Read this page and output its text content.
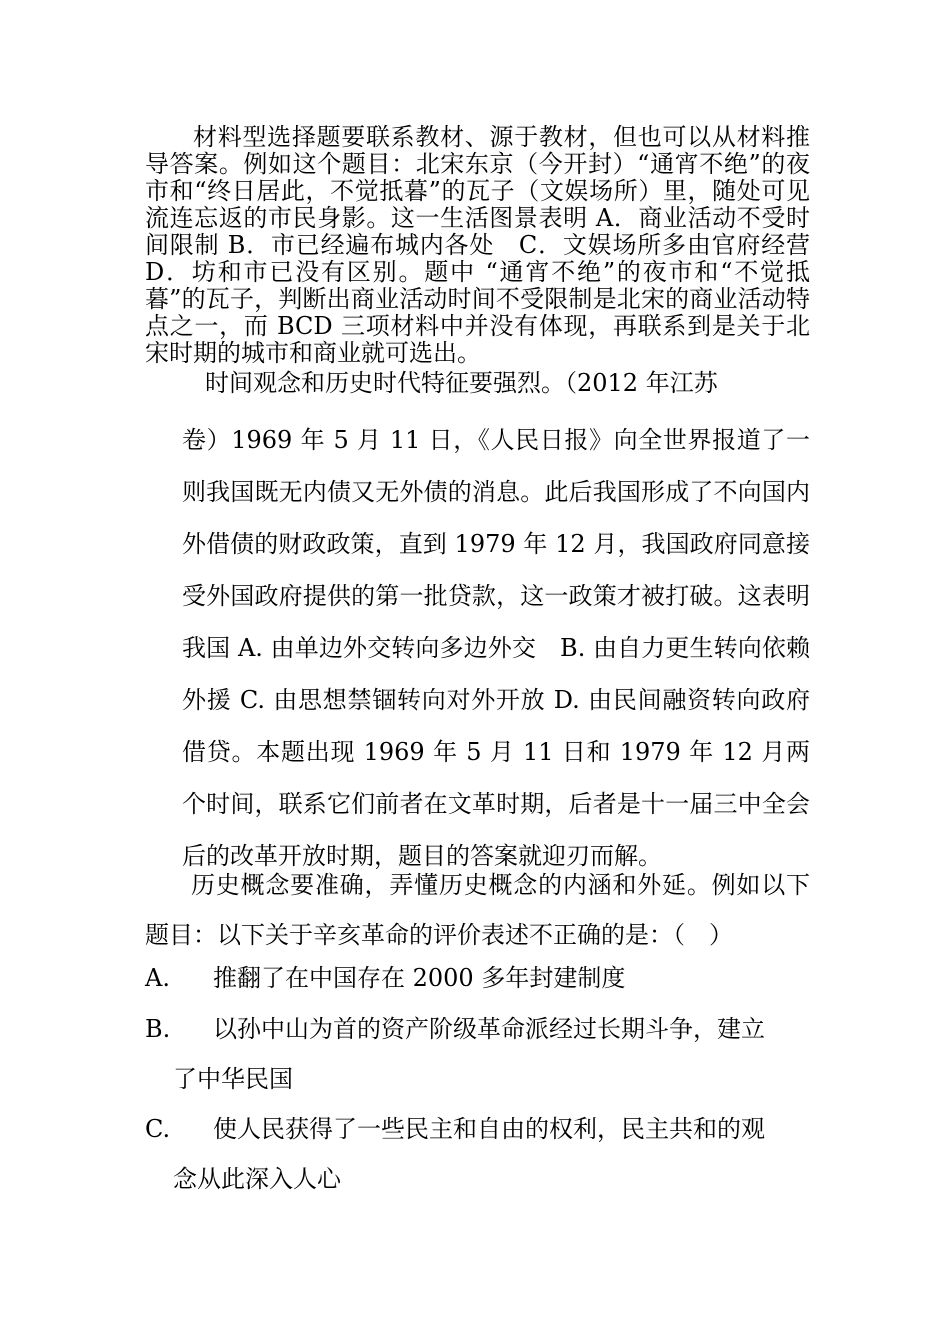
材料型选择题要联系教材、源于教材，但也可以从材料推导答案。例如这个题目：北宋东京（今开封）“通宵不绝”的夜市和“终日居此，不觉抵暮”的瓦子（文娱场所）里，随处可见流连忘返的市民身影。这一生活图景表明 A．商业活动不受时间限制 B．市已经遍布城内各处　C．文娱场所多由官府经营 D．坊和市已没有区别。题中 “通宵不绝”的夜市和“不觉抵暮”的瓦子，判断出商业活动时间不受限制是北宋的商业活动特点之一，而 BCD 三项材料中并没有体现，再联系到是关于北宋时期的城市和商业就可选出。

时间观念和历史时代特征要强烈。（2012 年江苏

卷）1969 年 5 月 11 日，《人民日报》向全世界报道了一则我国既无内债又无外债的消息。此后我国形成了不向国内外借债的财政政策，直到 1979 年 12 月，我国政府同意接受外国政府提供的第一批贷款，这一政策才被打破。这表明我国 A. 由单边外交转向多边外交　B. 由自力更生转向依赖外援 C. 由思想禁锢转向对外开放 D. 由民间融资转向政府借贷。本题出现 1969 年 5 月 11 日和 1979 年 12 月两个时间，联系它们前者在文革时期，后者是十一届三中全会后的改革开放时期，题目的答案就迎刃而解。

历史概念要准确，弄懂历史概念的内涵和外延。例如以下题目：以下关于辛亥革命的评价表述不正确的是：（　）

A. 推翻了在中国存在 2000 多年封建制度
B. 以孙中山为首的资产阶级革命派经过长期斗争，建立
了中华民国
C. 使人民获得了一些民主和自由的权利，民主共和的观
念从此深入人心
